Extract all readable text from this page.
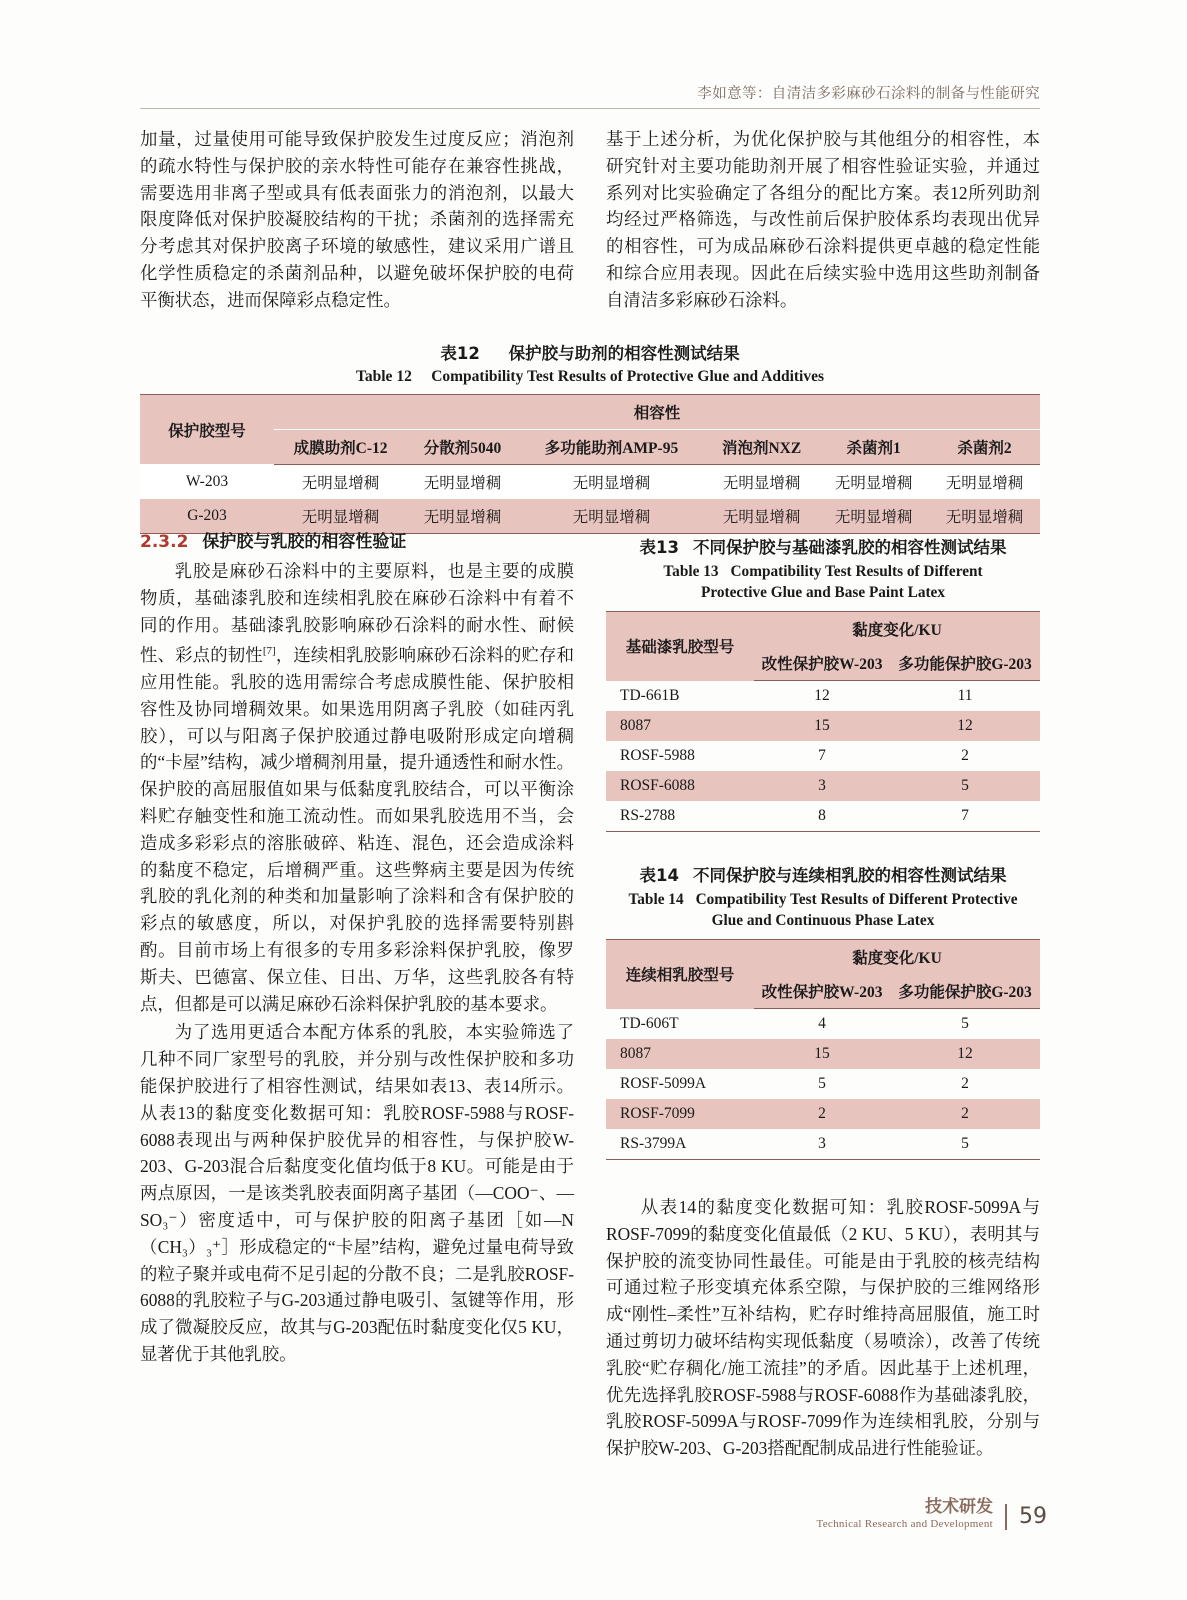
李如意等：自清洁多彩麻砂石涂料的制备与性能研究

加量，过量使用可能导致保护胶发生过度反应；消泡剂的疏水特性与保护胶的亲水特性可能存在兼容性挑战，需要选用非离子型或具有低表面张力的消泡剂，以最大限度降低对保护胶凝胶结构的干扰；杀菌剂的选择需充分考虑其对保护胶离子环境的敏感性，建议采用广谱且化学性质稳定的杀菌剂品种，以避免破坏保护胶的电荷平衡状态，进而保障彩点稳定性。

基于上述分析，为优化保护胶与其他组分的相容性，本研究针对主要功能助剂开展了相容性验证实验，并通过系列对比实验确定了各组分的配比方案。表12所列助剂均经过严格筛选，与改性前后保护胶体系均表现出优异的相容性，可为成品麻砂石涂料提供更卓越的稳定性能和综合应用表现。因此在后续实验中选用这些助剂制备自清洁多彩麻砂石涂料。

表12 保护胶与助剂的相容性测试结果
Table 12 Compatibility Test Results of Protective Glue and Additives
保护胶型号	相容性					
	成膜助剂C-12	分散剂5040	多功能助剂AMP-95	消泡剂NXZ	杀菌剂1	杀菌剂2
W-203	无明显增稠	无明显增稠	无明显增稠	无明显增稠	无明显增稠	无明显增稠
G-203	无明显增稠	无明显增稠	无明显增稠	无明显增稠	无明显增稠	无明显增稠
2.3.2 保护胶与乳胶的相容性验证

乳胶是麻砂石涂料中的主要原料，也是主要的成膜物质，基础漆乳胶和连续相乳胶在麻砂石涂料中有着不同的作用。基础漆乳胶影响麻砂石涂料的耐水性、耐候性、彩点的韧性[7]，连续相乳胶影响麻砂石涂料的贮存和应用性能。乳胶的选用需综合考虑成膜性能、保护胶相容性及协同增稠效果。如果选用阴离子乳胶（如硅丙乳胶），可以与阳离子保护胶通过静电吸附形成定向增稠的“卡屋”结构，减少增稠剂用量，提升通透性和耐水性。保护胶的高屈服值如果与低黏度乳胶结合，可以平衡涂料贮存触变性和施工流动性。而如果乳胶选用不当，会造成多彩彩点的溶胀破碎、粘连、混色，还会造成涂料的黏度不稳定，后增稠严重。这些弊病主要是因为传统乳胶的乳化剂的种类和加量影响了涂料和含有保护胶的彩点的敏感度，所以，对保护乳胶的选择需要特别斟酌。目前市场上有很多的专用多彩涂料保护乳胶，像罗斯夫、巴德富、保立佳、日出、万华，这些乳胶各有特点，但都是可以满足麻砂石涂料保护乳胶的基本要求。

为了选用更适合本配方体系的乳胶，本实验筛选了几种不同厂家型号的乳胶，并分别与改性保护胶和多功能保护胶进行了相容性测试，结果如表13、表14所示。从表13的黏度变化数据可知：乳胶ROSF-5988与ROSF-6088表现出与两种保护胶优异的相容性，与保护胶W-203、G-203混合后黏度变化值均低于8 KU。可能是由于两点原因，一是该类乳胶表面阴离子基团（—COO⁻、—SO₃⁻）密度适中，可与保护胶的阳离子基团［如—N（CH₃）₃⁺］形成稳定的“卡屋”结构，避免过量电荷导致的粒子聚并或电荷不足引起的分散不良；二是乳胶ROSF-6088的乳胶粒子与G-203通过静电吸引、氢键等作用，形成了微凝胶反应，故其与G-203配伍时黏度变化仅5 KU，显著优于其他乳胶。

表13 不同保护胶与基础漆乳胶的相容性测试结果
Table 13 Compatibility Test Results of Different
Protective Glue and Base Paint Latex
基础漆乳胶型号	黏度变化/KU	
	改性保护胶W-203	多功能保护胶G-203
TD-661B	12	11
8087	15	12
ROSF-5988	7	2
ROSF-6088	3	5
RS-2788	8	7
表14 不同保护胶与连续相乳胶的相容性测试结果
Table 14 Compatibility Test Results of Different Protective
Glue and Continuous Phase Latex
连续相乳胶型号	黏度变化/KU	
	改性保护胶W-203	多功能保护胶G-203
TD-606T	4	5
8087	15	12
ROSF-5099A	5	2
ROSF-7099	2	2
RS-3799A	3	5

从表14的黏度变化数据可知：乳胶ROSF-5099A与ROSF-7099的黏度变化值最低（2 KU、5 KU），表明其与保护胶的流变协同性最佳。可能是由于乳胶的核壳结构可通过粒子形变填充体系空隙，与保护胶的三维网络形成“刚性–柔性”互补结构，贮存时维持高屈服值，施工时通过剪切力破坏结构实现低黏度（易喷涂），改善了传统乳胶“贮存稠化/施工流挂”的矛盾。因此基于上述机理，优先选择乳胶ROSF-5988与ROSF-6088作为基础漆乳胶，乳胶ROSF-5099A与ROSF-7099作为连续相乳胶，分别与保护胶W-203、G-203搭配配制成品进行性能验证。

技术研发
Technical Research and Development	59
